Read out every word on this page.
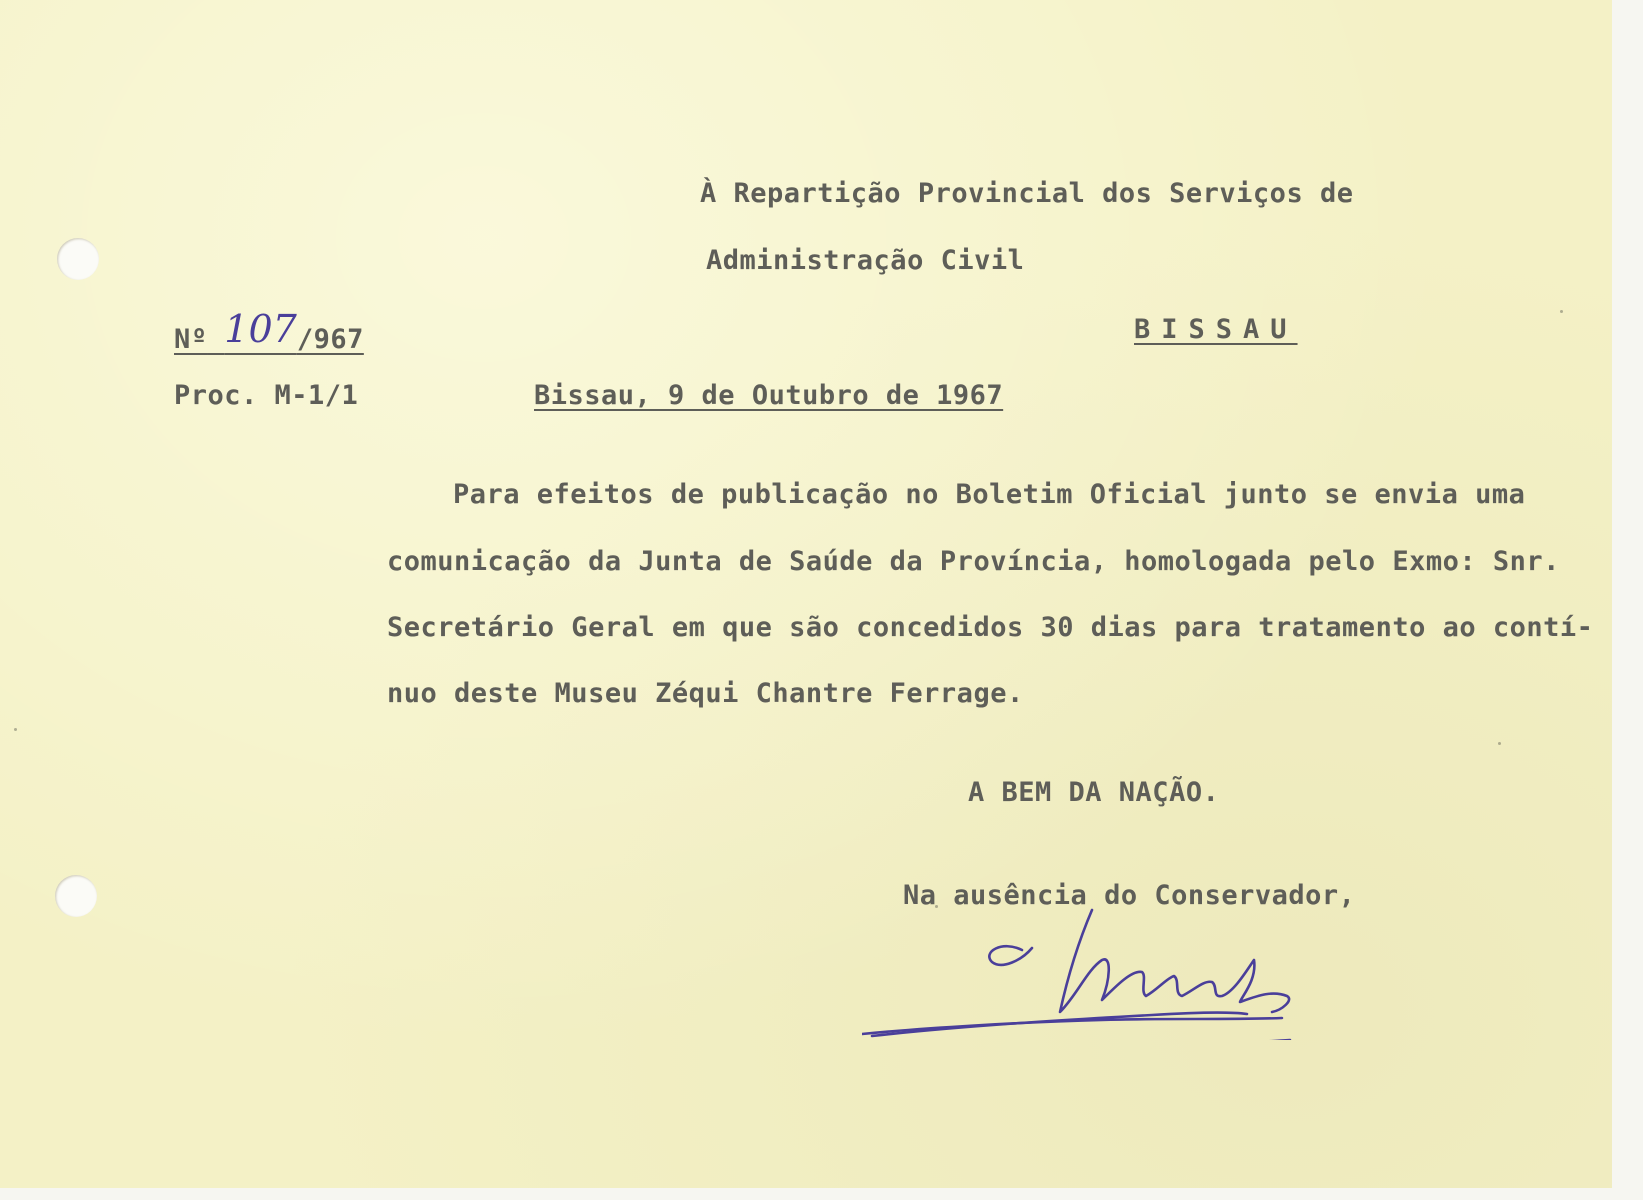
À Repartição Provincial dos Serviços de
Administração Civil
Nº 107/967	BISSAU
Proc. M-1/1	Bissau, 9 de Outubro de 1967
Para efeitos de publicação no Boletim Oficial junto se envia uma
comunicação da Junta de Saúde da Província, homologada pelo Exmo: Snr.
Secretário Geral em que são concedidos 30 dias para tratamento ao contí-
nuo deste Museu Zéqui Chantre Ferrage.
A BEM DA NAÇÃO.
Na ausência do Conservador,
